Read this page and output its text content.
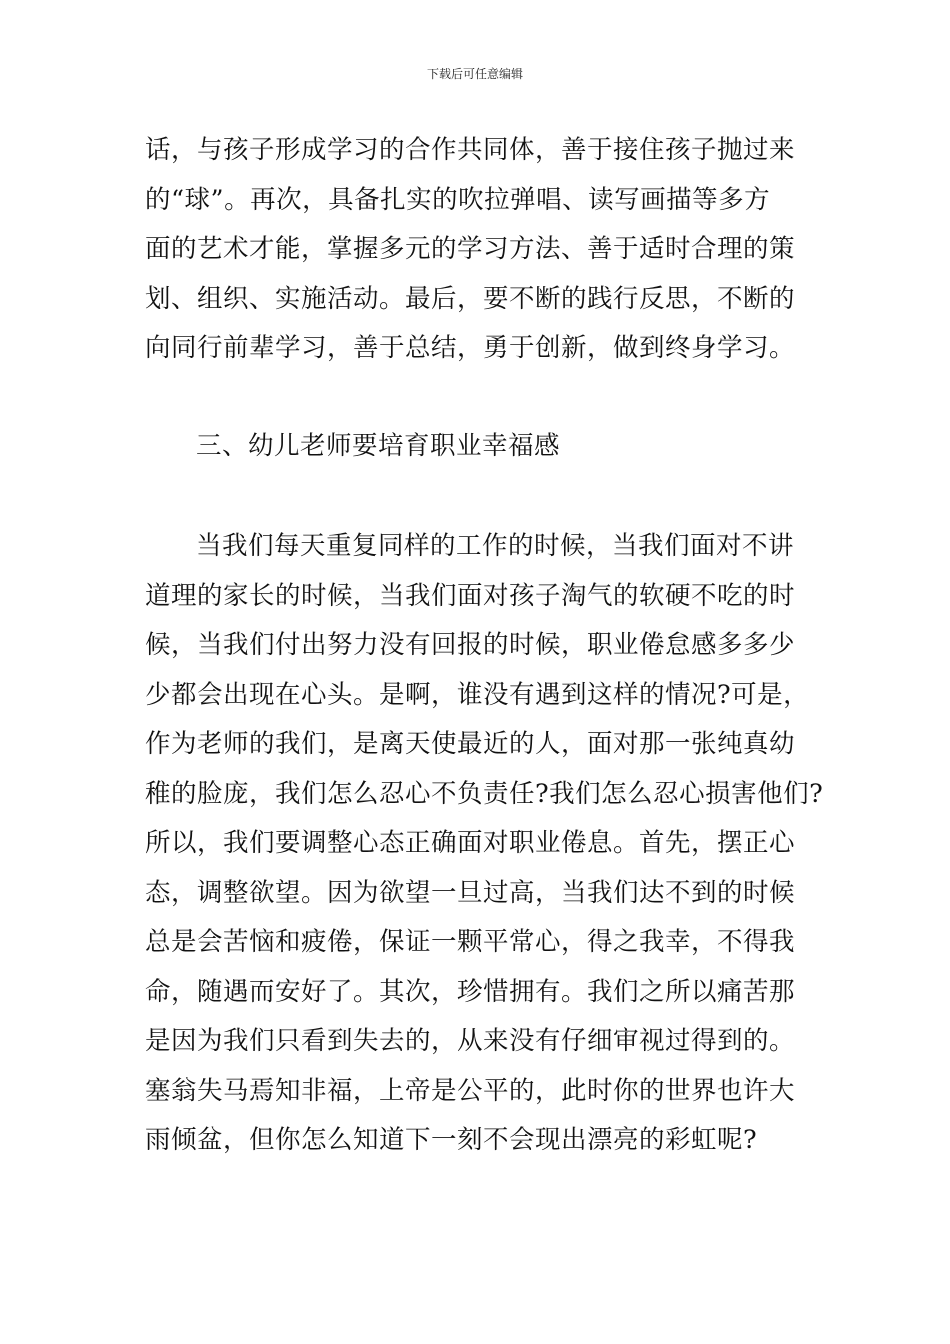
下载后可任意编辑
话，与孩子形成学习的合作共同体，善于接住孩子抛过来
的“球”。再次，具备扎实的吹拉弹唱、读写画描等多方
面的艺术才能，掌握多元的学习方法、善于适时合理的策
划、组织、实施活动。最后，要不断的践行反思，不断的
向同行前辈学习，善于总结，勇于创新，做到终身学习。
三、幼儿老师要培育职业幸福感
当我们每天重复同样的工作的时候，当我们面对不讲
道理的家长的时候，当我们面对孩子淘气的软硬不吃的时
候，当我们付出努力没有回报的时候，职业倦怠感多多少
少都会出现在心头。是啊，谁没有遇到这样的情况?可是，
作为老师的我们，是离天使最近的人，面对那一张纯真幼
稚的脸庞，我们怎么忍心不负责任?我们怎么忍心损害他们?
所以，我们要调整心态正确面对职业倦息。首先，摆正心
态，调整欲望。因为欲望一旦过高，当我们达不到的时候
总是会苦恼和疲倦，保证一颗平常心，得之我幸，不得我
命，随遇而安好了。其次，珍惜拥有。我们之所以痛苦那
是因为我们只看到失去的，从来没有仔细审视过得到的。
塞翁失马焉知非福，上帝是公平的，此时你的世界也许大
雨倾盆，但你怎么知道下一刻不会现出漂亮的彩虹呢?
